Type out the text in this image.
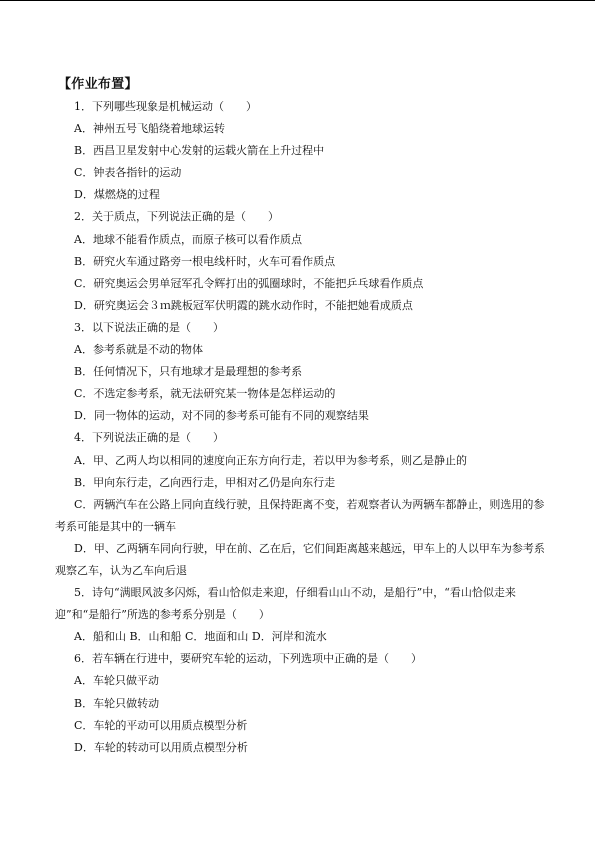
【作业布置】
1．下列哪些现象是机械运动（　　）
A．神州五号飞船绕着地球运转
B．西昌卫星发射中心发射的运载火箭在上升过程中
C．钟表各指针的运动
D．煤燃烧的过程
2．关于质点，下列说法正确的是（　　）
A．地球不能看作质点，而原子核可以看作质点
B．研究火车通过路旁一根电线杆时，火车可看作质点
C．研究奥运会男单冠军孔令辉打出的弧圈球时，不能把乒乓球看作质点
D．研究奥运会３ｍ跳板冠军伏明霞的跳水动作时，不能把她看成质点
3．以下说法正确的是（　　）
A．参考系就是不动的物体
B．任何情况下，只有地球才是最理想的参考系
C．不选定参考系，就无法研究某一物体是怎样运动的
D．同一物体的运动，对不同的参考系可能有不同的观察结果
4．下列说法正确的是（　　）
A．甲、乙两人均以相同的速度向正东方向行走，若以甲为参考系，则乙是静止的
B．甲向东行走，乙向西行走，甲相对乙仍是向东行走
C．两辆汽车在公路上同向直线行驶，且保持距离不变，若观察者认为两辆车都静止，则选用的参考系可能是其中的一辆车
D．甲、乙两辆车同向行驶，甲在前、乙在后，它们间距离越来越远，甲车上的人以甲车为参考系观察乙车，认为乙车向后退
5．诗句“满眼风波多闪烁，看山恰似走来迎，仔细看山山不动，是船行”中，“看山恰似走来迎”和“是船行”所选的参考系分别是（　　）
A．船和山 B．山和船 C．地面和山 D．河岸和流水
6．若车辆在行进中，要研究车轮的运动，下列选项中正确的是（　　）
A．车轮只做平动
B．车轮只做转动
C．车轮的平动可以用质点模型分析
D．车轮的转动可以用质点模型分析
